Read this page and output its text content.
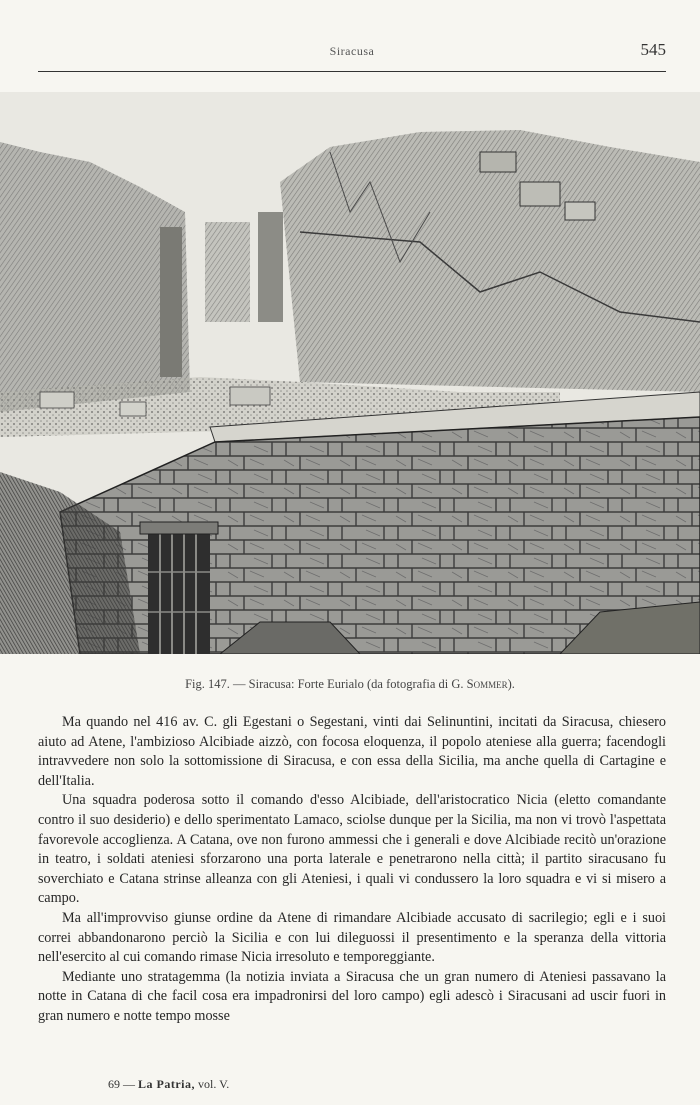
Siracusa	545
Fig. 147. — Siracusa: Forte Eurialo (da fotografia di G. Sommer).

Ma quando nel 416 av. C. gli Egestani o Segestani, vinti dai Selinuntini, incitati da Siracusa, chiesero aiuto ad Atene, l'ambizioso Alcibiade aizzò, con focosa eloquenza, il popolo ateniese alla guerra; facendogli intravvedere non solo la sottomissione di Siracusa, e con essa della Sicilia, ma anche quella di Cartagine e dell'Italia.

Una squadra poderosa sotto il comando d'esso Alcibiade, dell'aristocratico Nicia (eletto comandante contro il suo desiderio) e dello sperimentato Lamaco, sciolse dunque per la Sicilia, ma non vi trovò l'aspettata favorevole accoglienza. A Catana, ove non furono ammessi che i generali e dove Alcibiade recitò un'orazione in teatro, i soldati ateniesi sforzarono una porta laterale e penetrarono nella città; il partito siracusano fu soverchiato e Catana strinse alleanza con gli Ateniesi, i quali vi condussero la loro squadra e vi si misero a campo.

Ma all'improvviso giunse ordine da Atene di rimandare Alcibiade accusato di sacrilegio; egli e i suoi correi abbandonarono perciò la Sicilia e con lui dileguossi il presentimento e la speranza della vittoria nell'esercito al cui comando rimase Nicia irresoluto e temporeggiante.

Mediante uno stratagemma (la notizia inviata a Siracusa che un gran numero di Ateniesi passavano la notte in Catana di che facil cosa era impadronirsi del loro campo) egli adescò i Siracusani ad uscir fuori in gran numero e notte tempo mosse

69 — La Patria, vol. V.
